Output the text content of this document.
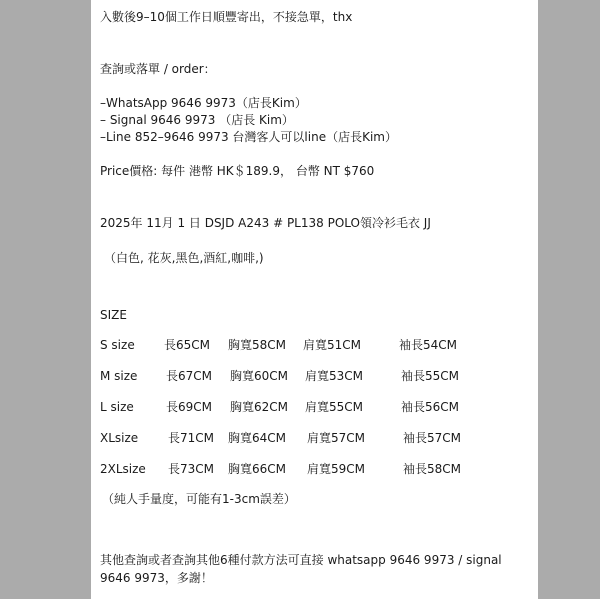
入數後9–10個工作日順豐寄出，不接急單，thx
查詢或落單 / order：
–WhatsApp 9646 9973（店長Kim）
– Signal 9646 9973 （店長 Kim）
–Line 852–9646 9973 台灣客人可以line（店長Kim）
Price價格: 每件 港幣 HK＄189.9， 台幣 NT $760
2025年 11月 1 日 DSJD A243 # PL138 POLO領冷衫毛衣 JJ
（白色, 花灰,黑色,酒紅,咖啡,)
SIZE
S size 長65CM 胸寬58CM 肩寬51CM	袖長54CM
M size 長67CM 胸寬60CM 肩寬53CM	袖長55CM
L size	長69CM 胸寬62CM 肩寬55CM	袖長56CM
XLsize 長71CM 胸寬64CM 肩寬57CM	袖長57CM
2XLsize 長73CM 胸寬66CM 肩寬59CM	袖長58CM
（純人手量度，可能有1-3cm誤差）
其他查詢或者查詢其他6種付款方法可直接 whatsapp 9646 9973 / signal
9646 9973，多謝！
